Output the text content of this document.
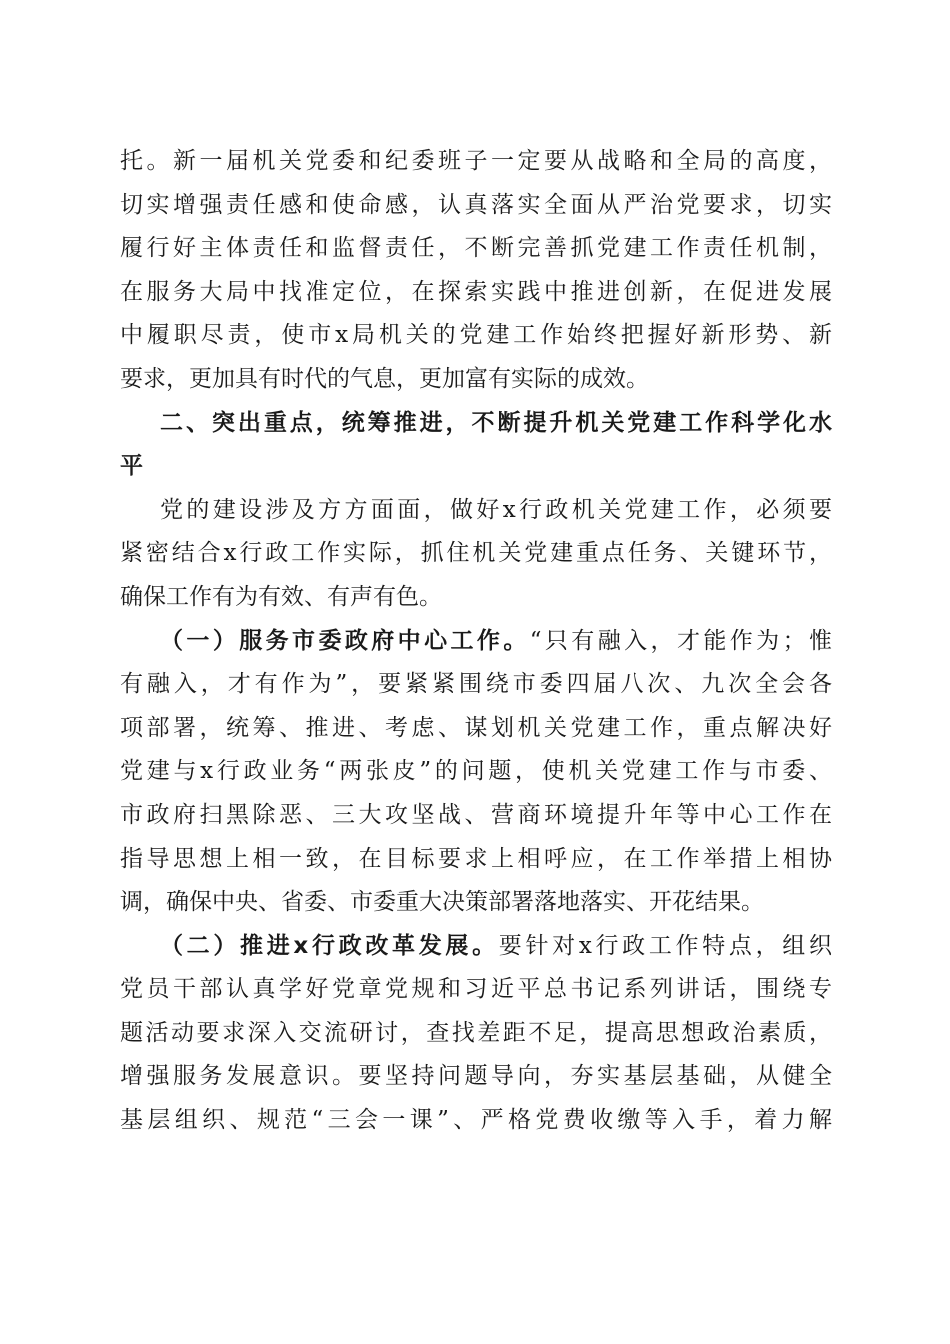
托。新一届机关党委和纪委班子一定要从战略和全局的高度，
切实增强责任感和使命感，认真落实全面从严治党要求，切实
履行好主体责任和监督责任，不断完善抓党建工作责任机制，
在服务大局中找准定位，在探索实践中推进创新，在促进发展
中履职尽责，使市x局机关的党建工作始终把握好新形势、新
要求，更加具有时代的气息，更加富有实际的成效。
二、突出重点，统筹推进，不断提升机关党建工作科学化水
平
党的建设涉及方方面面，做好x行政机关党建工作，必须要
紧密结合x行政工作实际，抓住机关党建重点任务、关键环节，
确保工作有为有效、有声有色。
（一）服务市委政府中心工作。“只有融入，才能作为；惟
有融入，才有作为”，要紧紧围绕市委四届八次、九次全会各
项部署，统筹、推进、考虑、谋划机关党建工作，重点解决好
党建与x行政业务“两张皮”的问题，使机关党建工作与市委、
市政府扫黑除恶、三大攻坚战、营商环境提升年等中心工作在
指导思想上相一致，在目标要求上相呼应，在工作举措上相协
调，确保中央、省委、市委重大决策部署落地落实、开花结果。
（二）推进x行政改革发展。要针对x行政工作特点，组织
党员干部认真学好党章党规和习近平总书记系列讲话，围绕专
题活动要求深入交流研讨，查找差距不足，提高思想政治素质，
增强服务发展意识。要坚持问题导向，夯实基层基础，从健全
基层组织、规范“三会一课”、严格党费收缴等入手，着力解
